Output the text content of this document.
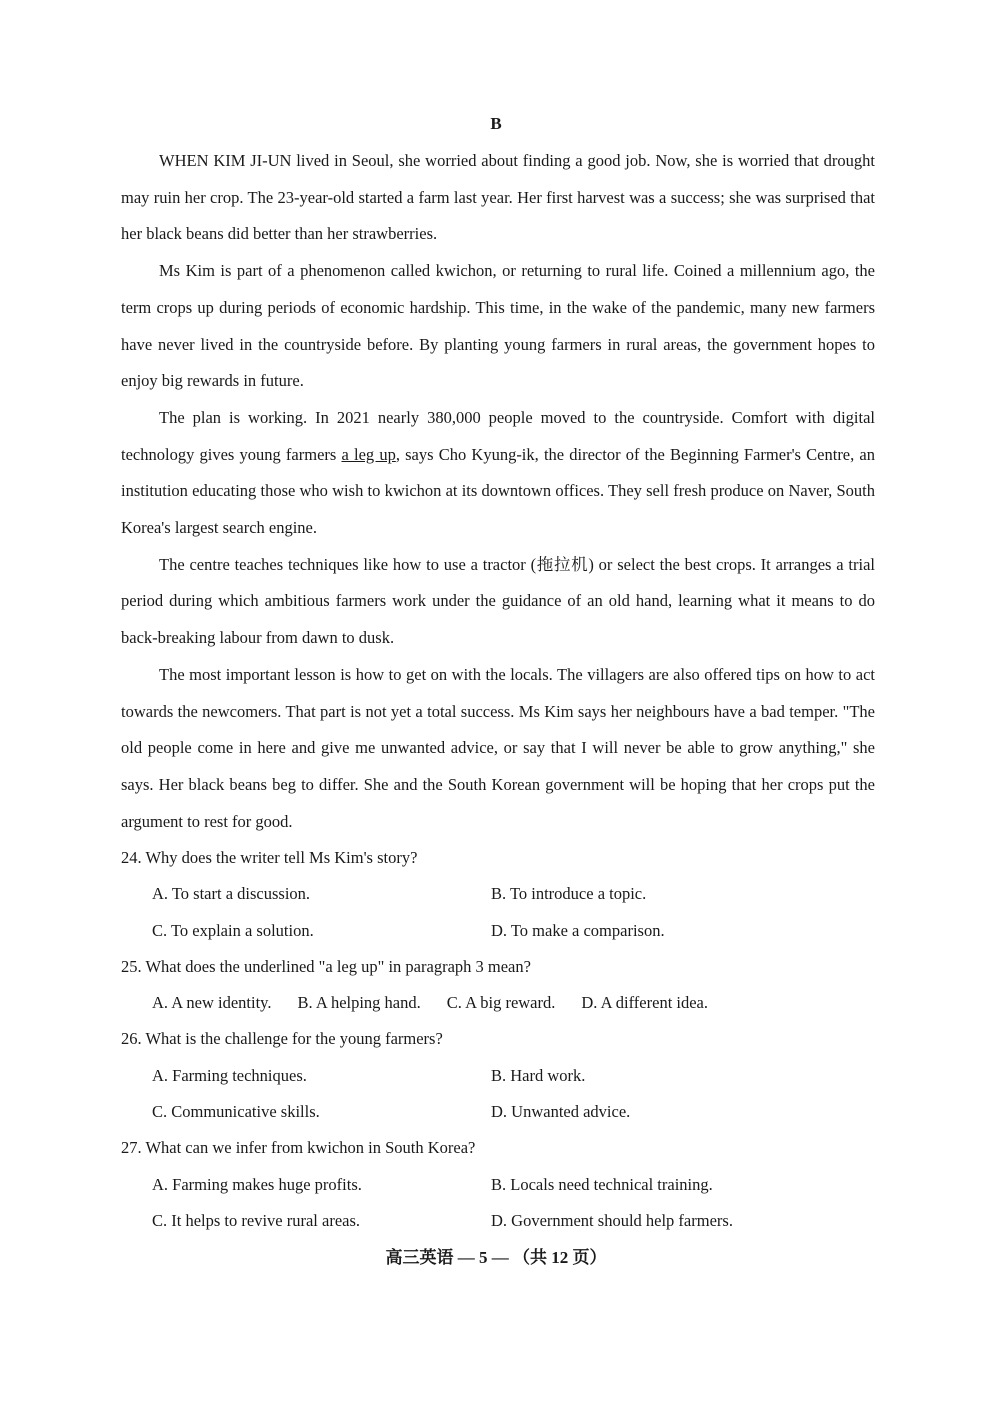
B

WHEN KIM JI-UN lived in Seoul, she worried about finding a good job. Now, she is worried that drought may ruin her crop. The 23-year-old started a farm last year. Her first harvest was a success; she was surprised that her black beans did better than her strawberries.

Ms Kim is part of a phenomenon called kwichon, or returning to rural life. Coined a millennium ago, the term crops up during periods of economic hardship. This time, in the wake of the pandemic, many new farmers have never lived in the countryside before. By planting young farmers in rural areas, the government hopes to enjoy big rewards in future.

The plan is working. In 2021 nearly 380,000 people moved to the countryside. Comfort with digital technology gives young farmers a leg up, says Cho Kyung-ik, the director of the Beginning Farmer's Centre, an institution educating those who wish to kwichon at its downtown offices. They sell fresh produce on Naver, South Korea's largest search engine.

The centre teaches techniques like how to use a tractor (拖拉机) or select the best crops. It arranges a trial period during which ambitious farmers work under the guidance of an old hand, learning what it means to do back-breaking labour from dawn to dusk.

The most important lesson is how to get on with the locals. The villagers are also offered tips on how to act towards the newcomers. That part is not yet a total success. Ms Kim says her neighbours have a bad temper. "The old people come in here and give me unwanted advice, or say that I will never be able to grow anything," she says. Her black beans beg to differ. She and the South Korean government will be hoping that her crops put the argument to rest for good.

24. Why does the writer tell Ms Kim's story?

A. To start a discussion.	B. To introduce a topic.
C. To explain a solution.	D. To make a comparison.

25. What does the underlined "a leg up" in paragraph 3 mean?

A. A new identity. B. A helping hand. C. A big reward. D. A different idea.

26. What is the challenge for the young farmers?

A. Farming techniques.	B. Hard work.
C. Communicative skills.	D. Unwanted advice.

27. What can we infer from kwichon in South Korea?

A. Farming makes huge profits.	B. Locals need technical training.
C. It helps to revive rural areas.	D. Government should help farmers.
高三英语 — 5 — （共 12 页）
